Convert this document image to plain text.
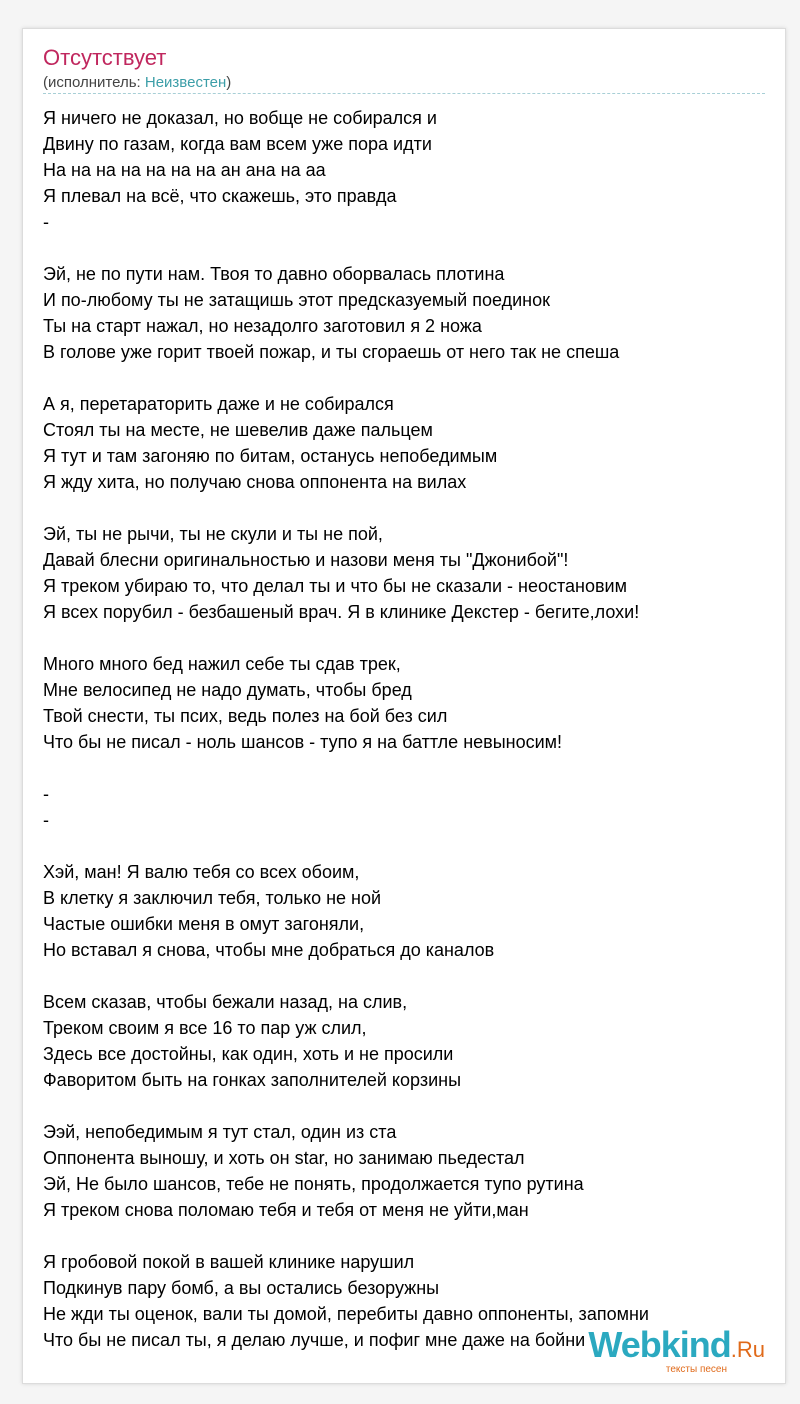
Отсутствует
(исполнитель: Неизвестен)
Я ничего не доказал, но вобще не собирался и
Двину по газам, когда вам всем уже пора идти
На на на на на на на ан ана на аа
Я плевал на всё, что скажешь, это правда
-
Эй, не по пути нам. Твоя то давно оборвалась плотина
И по-любому ты не затащишь этот предсказуемый поединок
Ты на старт нажал, но незадолго заготовил я 2 ножа
В голове уже горит твоей пожар, и ты сгораешь от него так не спеша
А я, перетараторить даже и не собирался
Стоял ты на месте, не шевелив даже пальцем
Я тут и там загоняю по битам, останусь непобедимым
Я жду хита, но получаю снова оппонента на вилах
Эй, ты не рычи, ты не скули и ты не пой,
Давай блесни оригинальностью и назови меня ты "Джонибой"!
Я треком убираю то, что делал ты и что бы не сказали - неостановим
Я всех порубил - безбашеный врач. Я в клинике Декстер - бегите,лохи!
Много много бед нажил себе ты сдав трек,
Мне велосипед не надо думать, чтобы бред
Твой снести, ты псих, ведь полез на бой без сил
Что бы не писал - ноль шансов - тупо я на баттле невыносим!
-
-
Хэй, ман! Я валю тебя со всех обоим,
В клетку я заключил тебя, только не ной
Частые ошибки меня в омут загоняли,
Но вставал я снова, чтобы мне добраться до каналов
Всем сказав, чтобы бежали назад, на слив,
Треком своим я все 16 то пар уж слил,
Здесь все достойны, как один, хоть и не просили
Фаворитом быть на гонках заполнителей корзины
Ээй, непобедимым я тут стал, один из ста
Оппонента выношу, и хоть он star, но занимаю пьедестал
Эй, Не было шансов, тебе не понять, продолжается тупо рутина
Я треком снова поломаю тебя и тебя от меня не уйти,ман
Я гробовой покой в вашей клинике нарушил
Подкинув пару бомб, а вы остались безоружны
Не жди ты оценок, вали ты домой, перебиты давно оппоненты, запомни
Что бы не писал ты, я делаю лучше, и пофиг мне даже на бойни Webkind.Ru
тексты песен
